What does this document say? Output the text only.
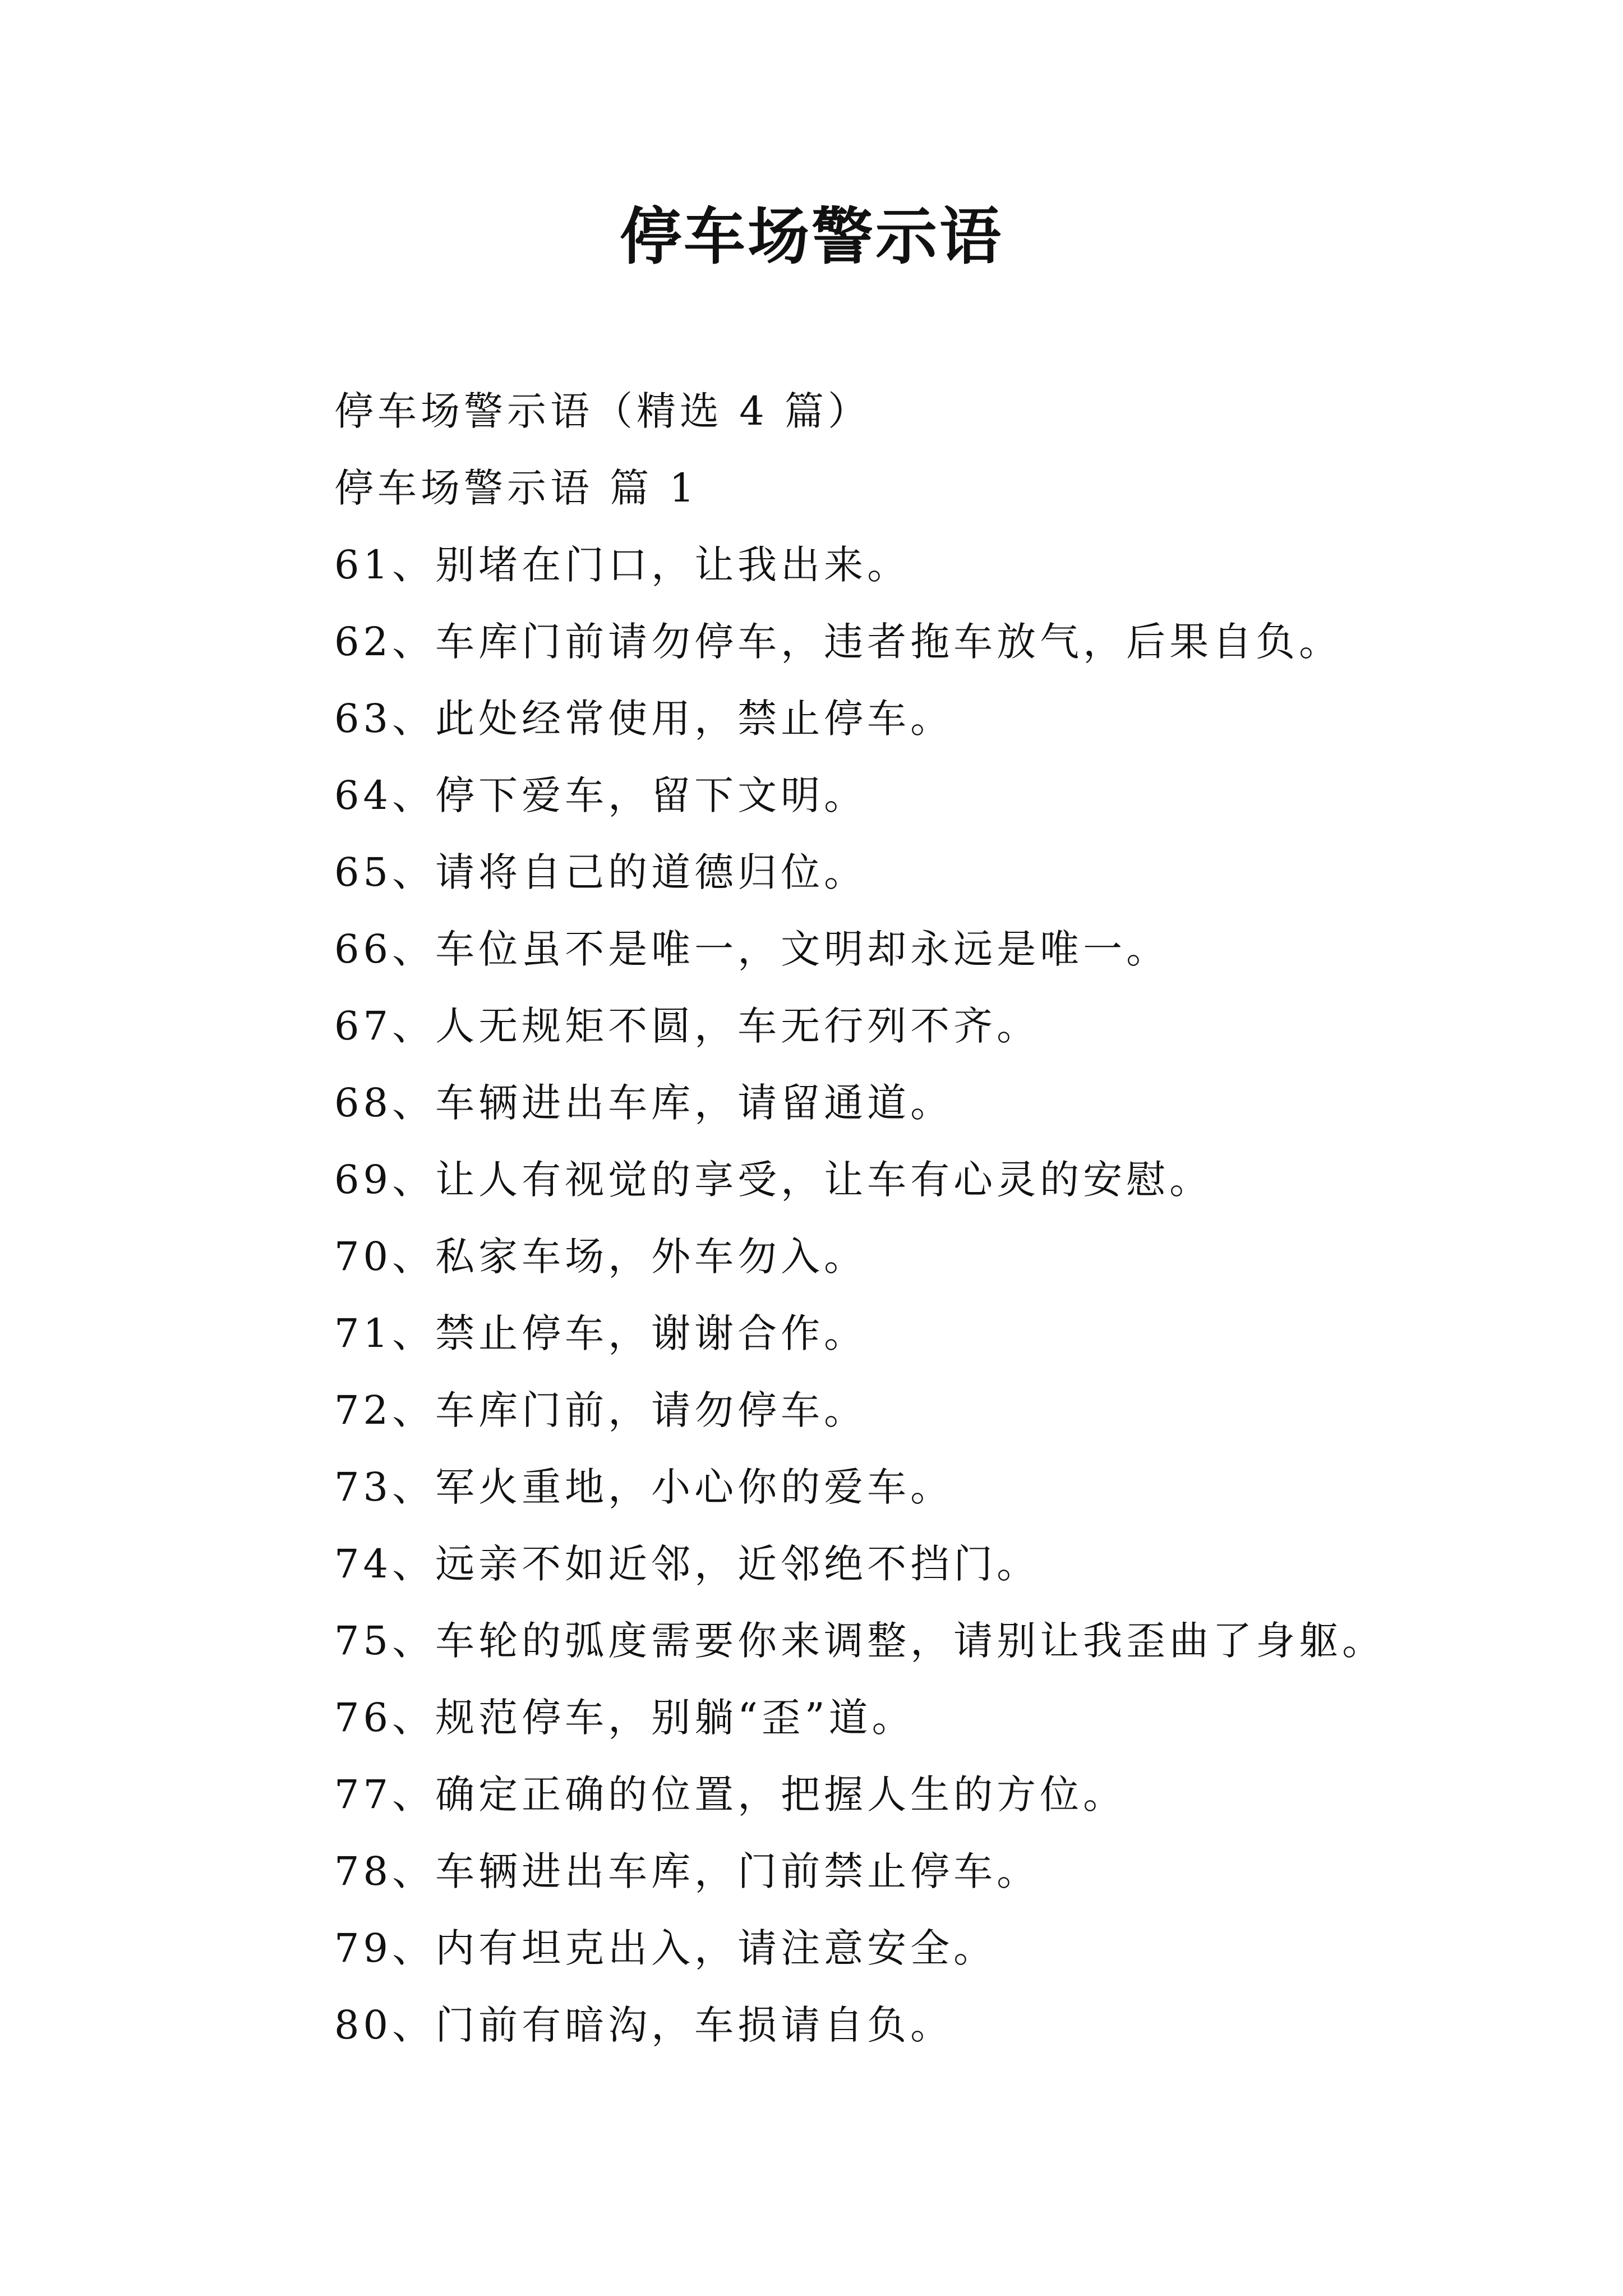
停车场警示语
停车场警示语（精选 4 篇）
停车场警示语 篇 1
61、别堵在门口，让我出来。
62、车库门前请勿停车，违者拖车放气，后果自负。
63、此处经常使用，禁止停车。
64、停下爱车，留下文明。
65、请将自己的道德归位。
66、车位虽不是唯一，文明却永远是唯一。
67、人无规矩不圆，车无行列不齐。
68、车辆进出车库，请留通道。
69、让人有视觉的享受，让车有心灵的安慰。
70、私家车场，外车勿入。
71、禁止停车，谢谢合作。
72、车库门前，请勿停车。
73、军火重地，小心你的爱车。
74、远亲不如近邻，近邻绝不挡门。
75、车轮的弧度需要你来调整，请别让我歪曲了身躯。
76、规范停车，别躺“歪”道。
77、确定正确的位置，把握人生的方位。
78、车辆进出车库，门前禁止停车。
79、内有坦克出入，请注意安全。
80、门前有暗沟，车损请自负。
